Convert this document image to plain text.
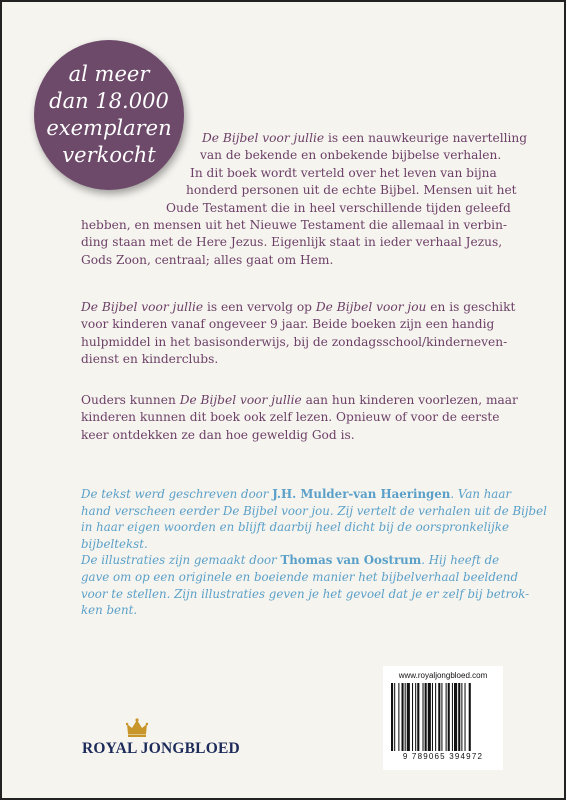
al meer
dan 18.000
exemplaren
verkocht
De Bijbel voor jullie is een nauwkeurige navertelling
van de bekende en onbekende bijbelse verhalen.
In dit boek wordt verteld over het leven van bijna
honderd personen uit de echte Bijbel. Mensen uit het
Oude Testament die in heel verschillende tijden geleefd
hebben, en mensen uit het Nieuwe Testament die allemaal in verbin-
ding staan met de Here Jezus. Eigenlijk staat in ieder verhaal Jezus,
Gods Zoon, centraal; alles gaat om Hem.
De Bijbel voor jullie is een vervolg op De Bijbel voor jou en is geschikt
voor kinderen vanaf ongeveer 9 jaar. Beide boeken zijn een handig
hulpmiddel in het basisonderwijs, bij de zondagsschool/kinderneven-
dienst en kinderclubs.
Ouders kunnen De Bijbel voor jullie aan hun kinderen voorlezen, maar
kinderen kunnen dit boek ook zelf lezen. Opnieuw of voor de eerste
keer ontdekken ze dan hoe geweldig God is.
De tekst werd geschreven door J.H. Mulder-van Haeringen. Van haar
hand verscheen eerder De Bijbel voor jou. Zij vertelt de verhalen uit de Bijbel
in haar eigen woorden en blijft daarbij heel dicht bij de oorspronkelijke
bijbeltekst.
De illustraties zijn gemaakt door Thomas van Oostrum. Hij heeft de
gave om op een originele en boeiende manier het bijbelverhaal beeldend
voor te stellen. Zijn illustraties geven je het gevoel dat je er zelf bij betrok-
ken bent.
ROYAL JONGBLOED
www.royaljongbloed.com
9 789065 394972
